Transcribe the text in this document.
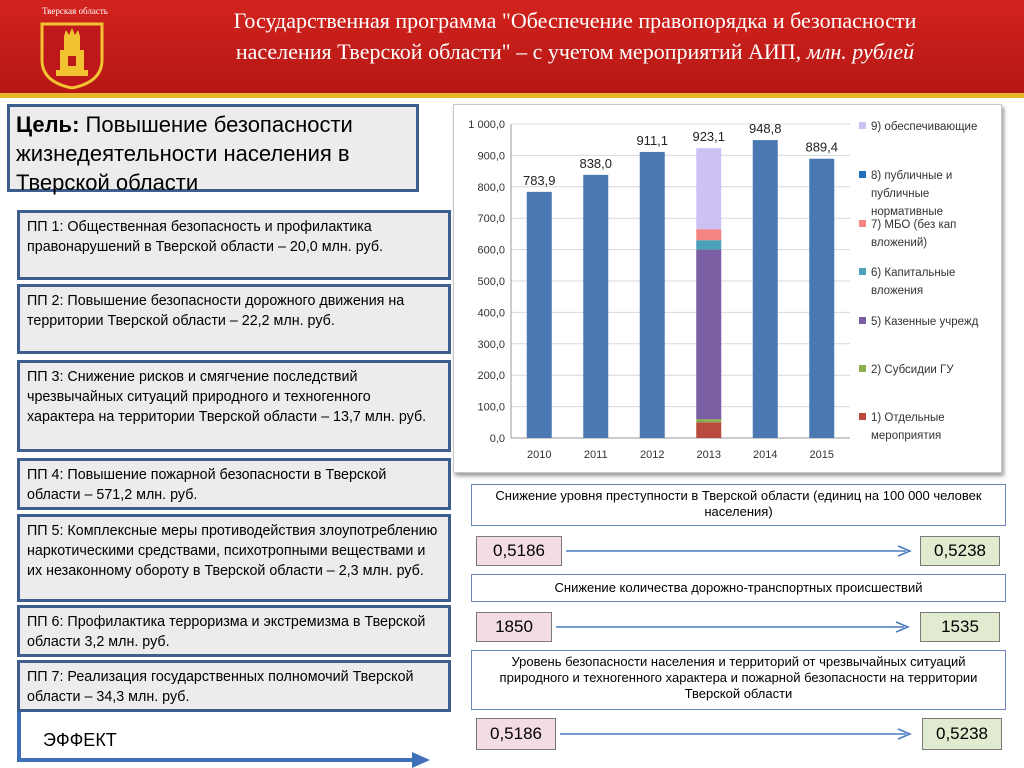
Тверская область	Государственная программа "Обеспечение правопорядка и безопасности
населения Тверской области" – с учетом мероприятий АИП, млн. рублей
Цель: Повышение безопасности жизнедеятельности населения в Тверской области
ПП 1: Общественная безопасность и профилактика правонарушений в Тверской области – 20,0 млн. руб.
ПП 2: Повышение безопасности дорожного движения на территории Тверской области – 22,2 млн. руб.
ПП 3: Снижение рисков и смягчение последствий чрезвычайных ситуаций природного и техногенного характера на территории Тверской области – 13,7 млн. руб.
ПП 4: Повышение пожарной безопасности в Тверской области – 571,2 млн. руб.
ПП 5: Комплексные меры противодействия злоупотреблению наркотическими средствами, психотропными веществами и их незаконному обороту в Тверской области – 2,3 млн. руб.
ПП 6: Профилактика терроризма и экстремизма в Тверской области 3,2 млн. руб.
ПП 7: Реализация государственных полномочий Тверской области – 34,3 млн. руб.
ЭФФЕКТ
0,0
100,0
200,0
300,0
400,0
500,0
600,0
700,0
800,0
900,0
1 000,0
783,9
2010
838,0
2011
911,1
2012
923,1
2013
948,8
2014
889,4
2015
9) обеспечивающие
8) публичные и публичные нормативные
7) МБО (без кап вложений)
6) Капитальные вложения
5) Казенные учрежд
2) Субсидии ГУ
1) Отдельные мероприятия
Снижение уровня преступности в Тверской области (единиц на 100 000 человек населения)
0,5186	0,5238
Снижение количества дорожно-транспортных происшествий
1850	1535
Уровень безопасности населения и территорий от чрезвычайных ситуаций природного и техногенного характера и пожарной безопасности на территории Тверской области
0,5186	0,5238
